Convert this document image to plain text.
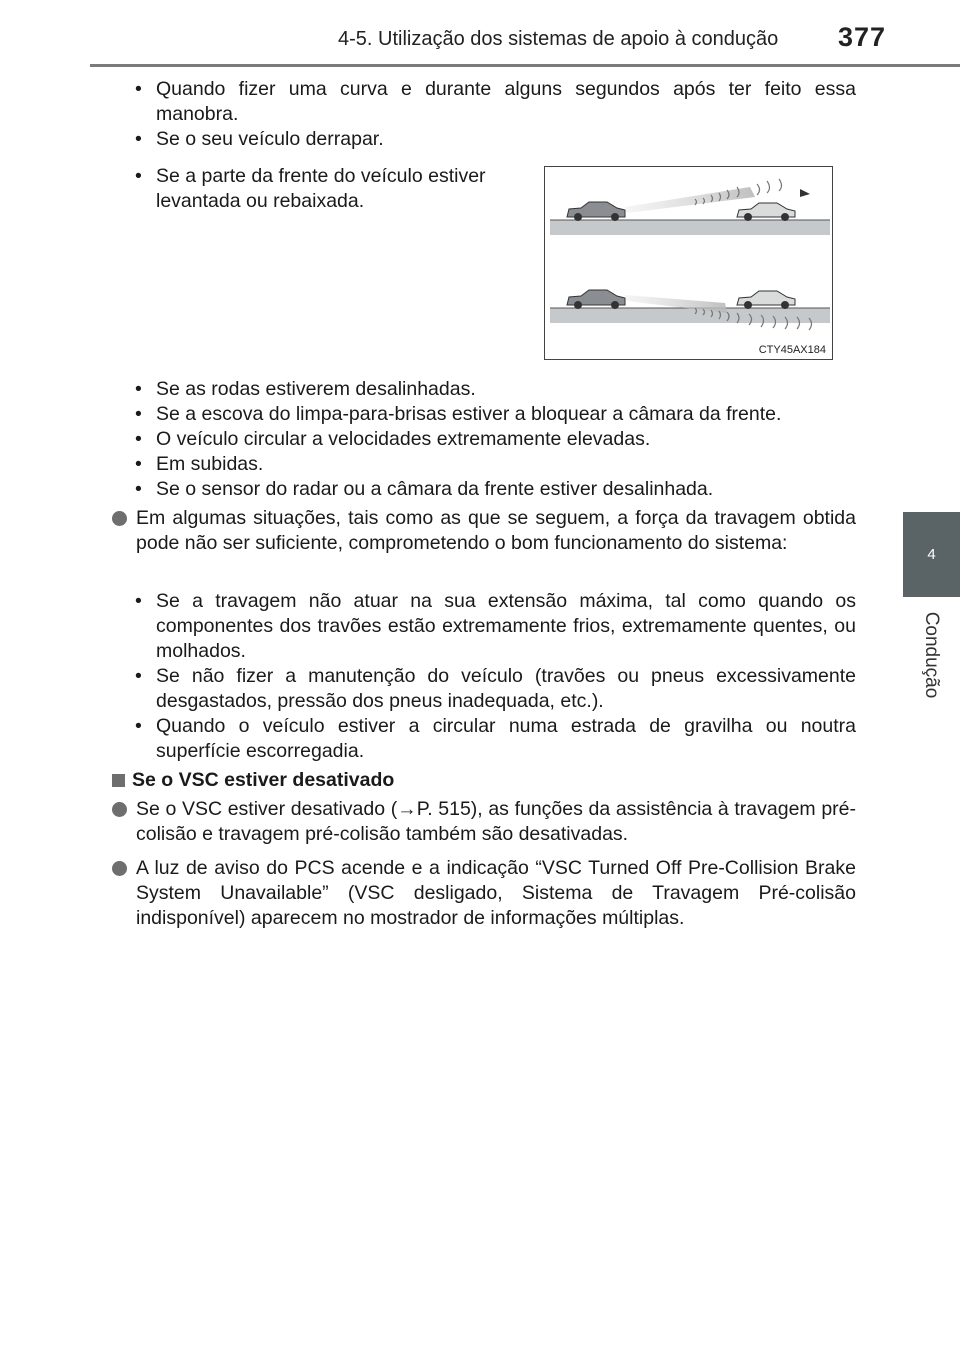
4-5. Utilização dos sistemas de apoio à condução 377
4
Condução
• Quando fizer uma curva e durante alguns segundos após ter feito essa manobra.
• Se o seu veículo derrapar.
• Se a parte da frente do veículo estiver levantada ou rebaixada.
CTY45AX184
• Se as rodas estiverem desalinhadas.
• Se a escova do limpa-para-brisas estiver a bloquear a câmara da frente.
• O veículo circular a velocidades extremamente elevadas.
• Em subidas.
• Se o sensor do radar ou a câmara da frente estiver desalinhada.
Em algumas situações, tais como as que se seguem, a força da travagem obtida pode não ser suficiente, comprometendo o bom funcionamento do sistema:
• Se a travagem não atuar na sua extensão máxima, tal como quando os componentes dos travões estão extremamente frios, extremamente quentes, ou molhados.
• Se não fizer a manutenção do veículo (travões ou pneus excessivamente desgastados, pressão dos pneus inadequada, etc.).
• Quando o veículo estiver a circular numa estrada de gravilha ou noutra superfície escorregadia.
Se o VSC estiver desativado
Se o VSC estiver desativado (→P. 515), as funções da assistência à travagem pré-colisão e travagem pré-colisão também são desativadas.
A luz de aviso do PCS acende e a indicação “VSC Turned Off Pre-Collision Brake System Unavailable” (VSC desligado, Sistema de Travagem Pré-colisão indisponível) aparecem no mostrador de informações múltiplas.
